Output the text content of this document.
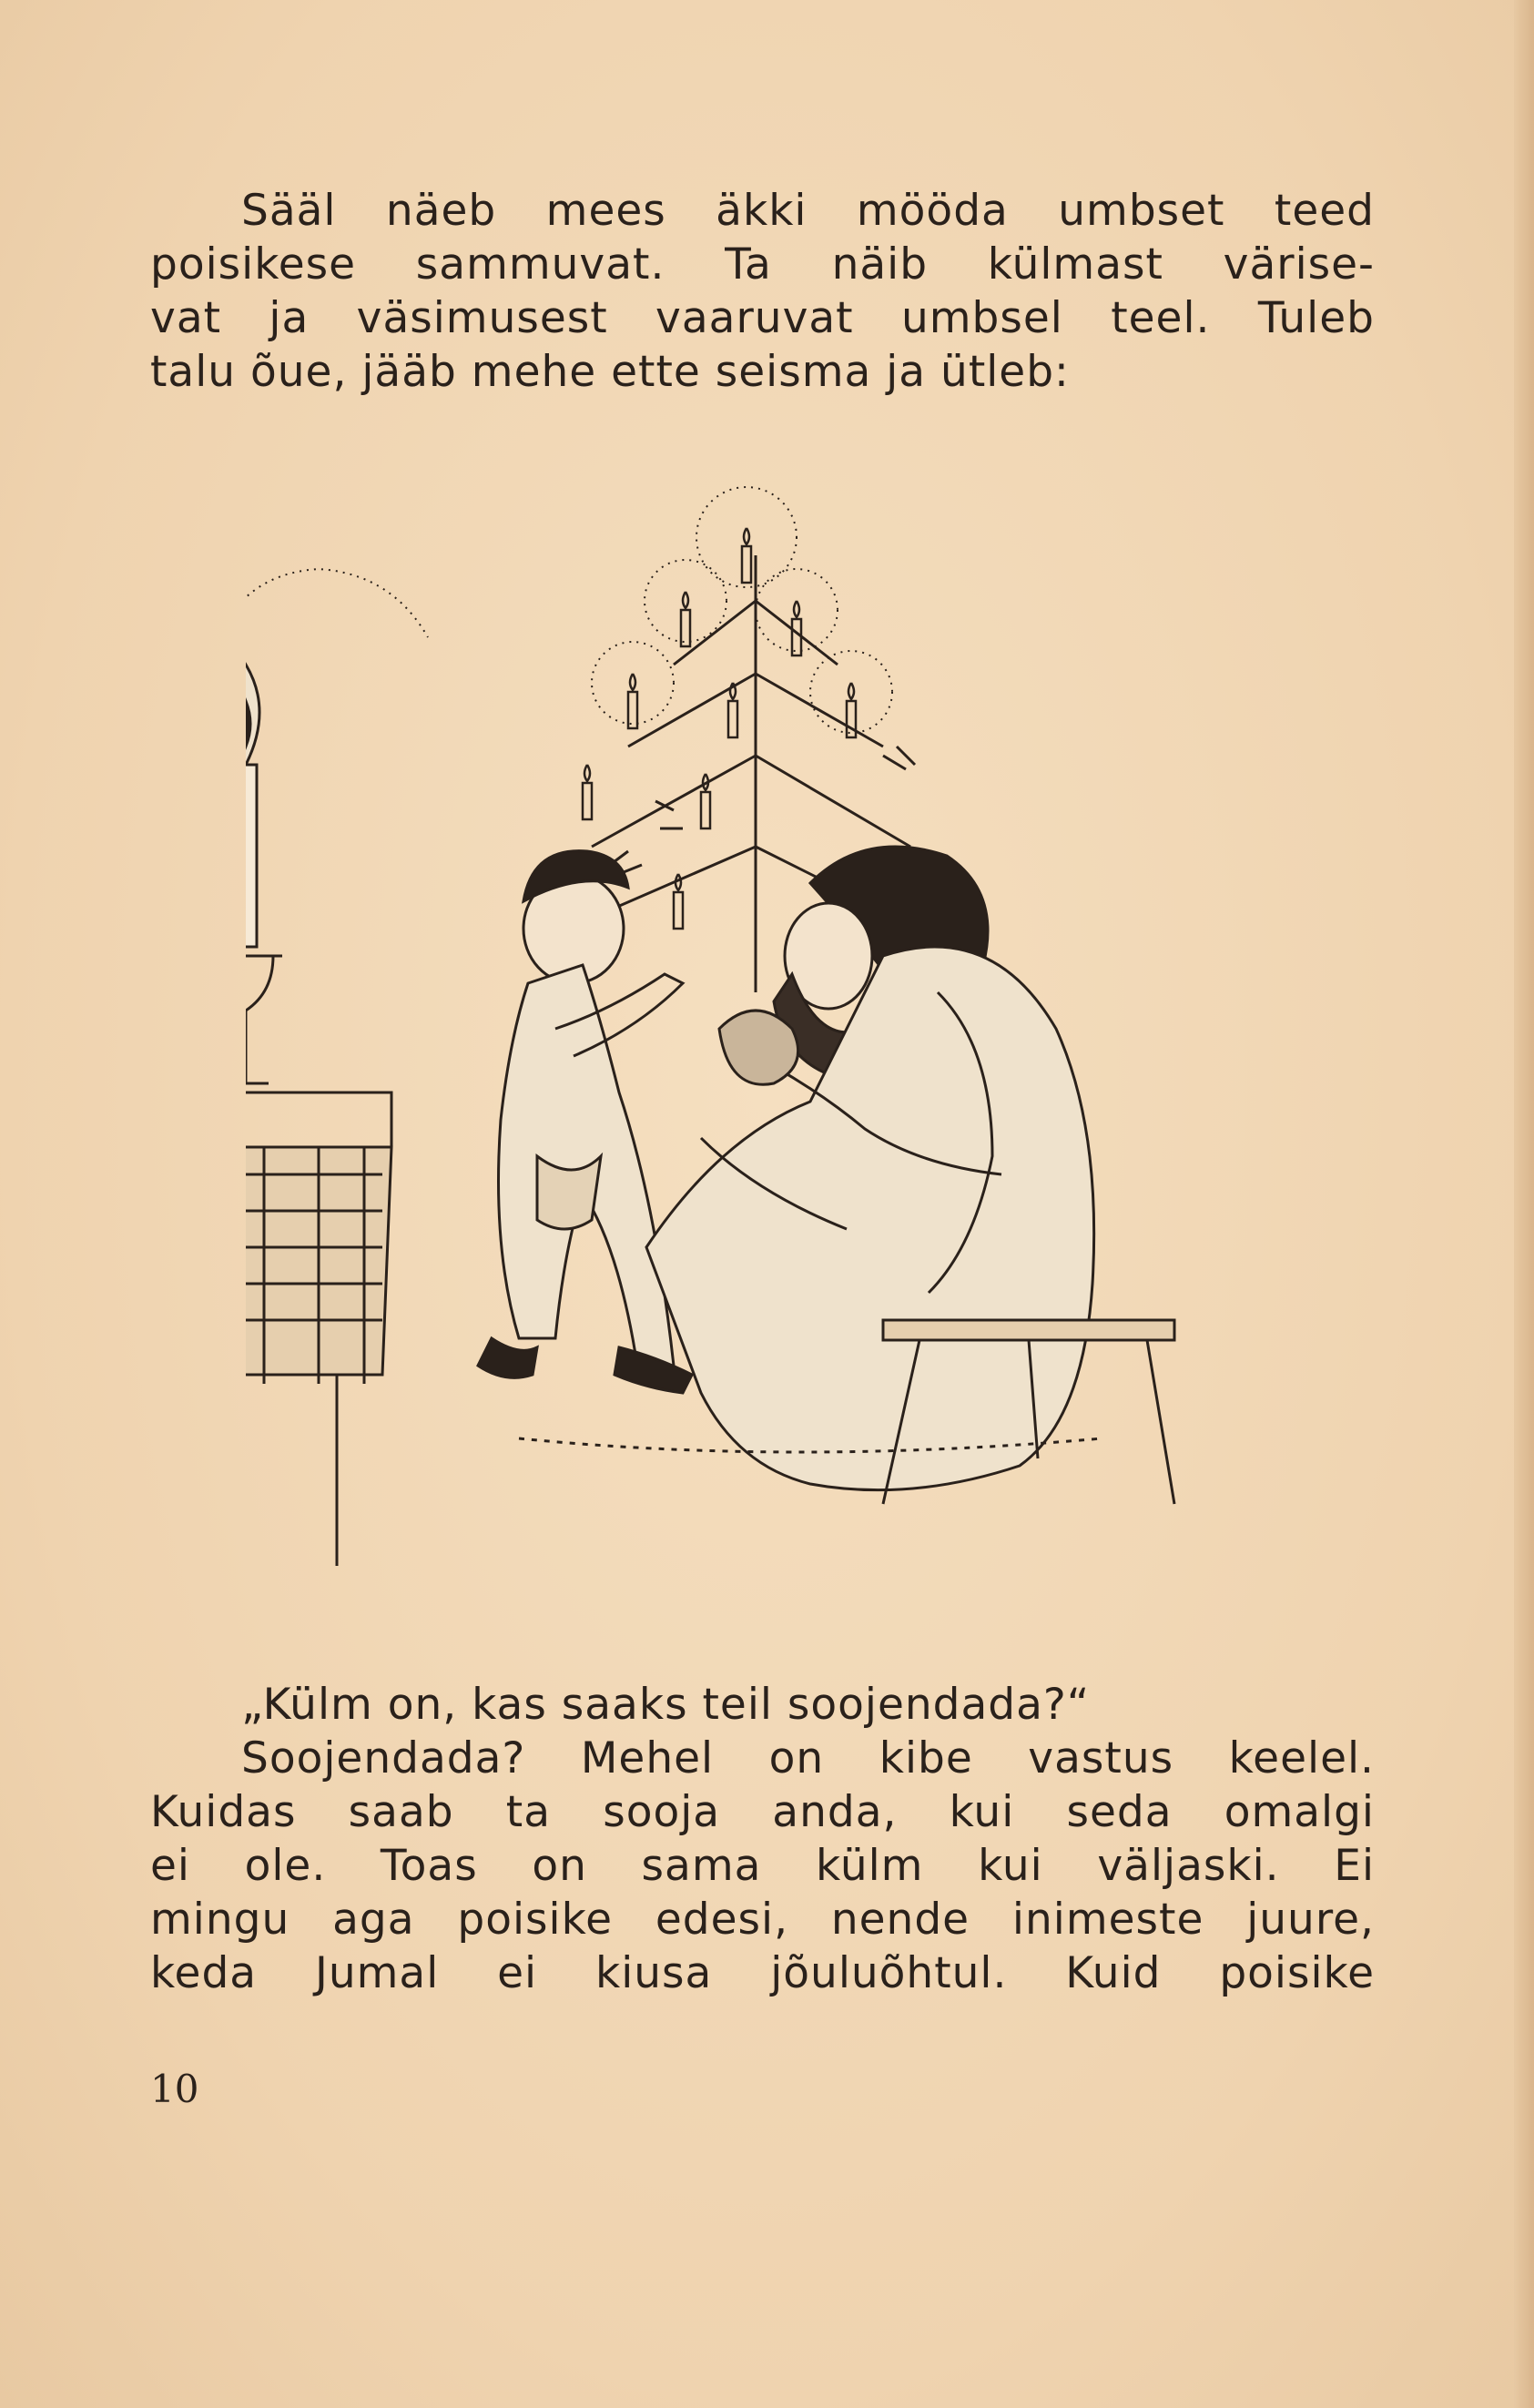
Sääl näeb mees äkki mööda umbset teed
poisikese sammuvat. Ta näib külmast värise-
vat ja väsimusest vaaruvat umbsel teel. Tuleb
talu õue, jääb mehe ette seisma ja ütleb:
„Külm on, kas saaks teil soojendada?“
Soojendada? Mehel on kibe vastus keelel.
Kuidas saab ta sooja anda, kui seda omalgi
ei ole. Toas on sama külm kui väljaski. Ei
mingu aga poisike edesi, nende inimeste juure,
keda Jumal ei kiusa jõuluõhtul. Kuid poisike
10
